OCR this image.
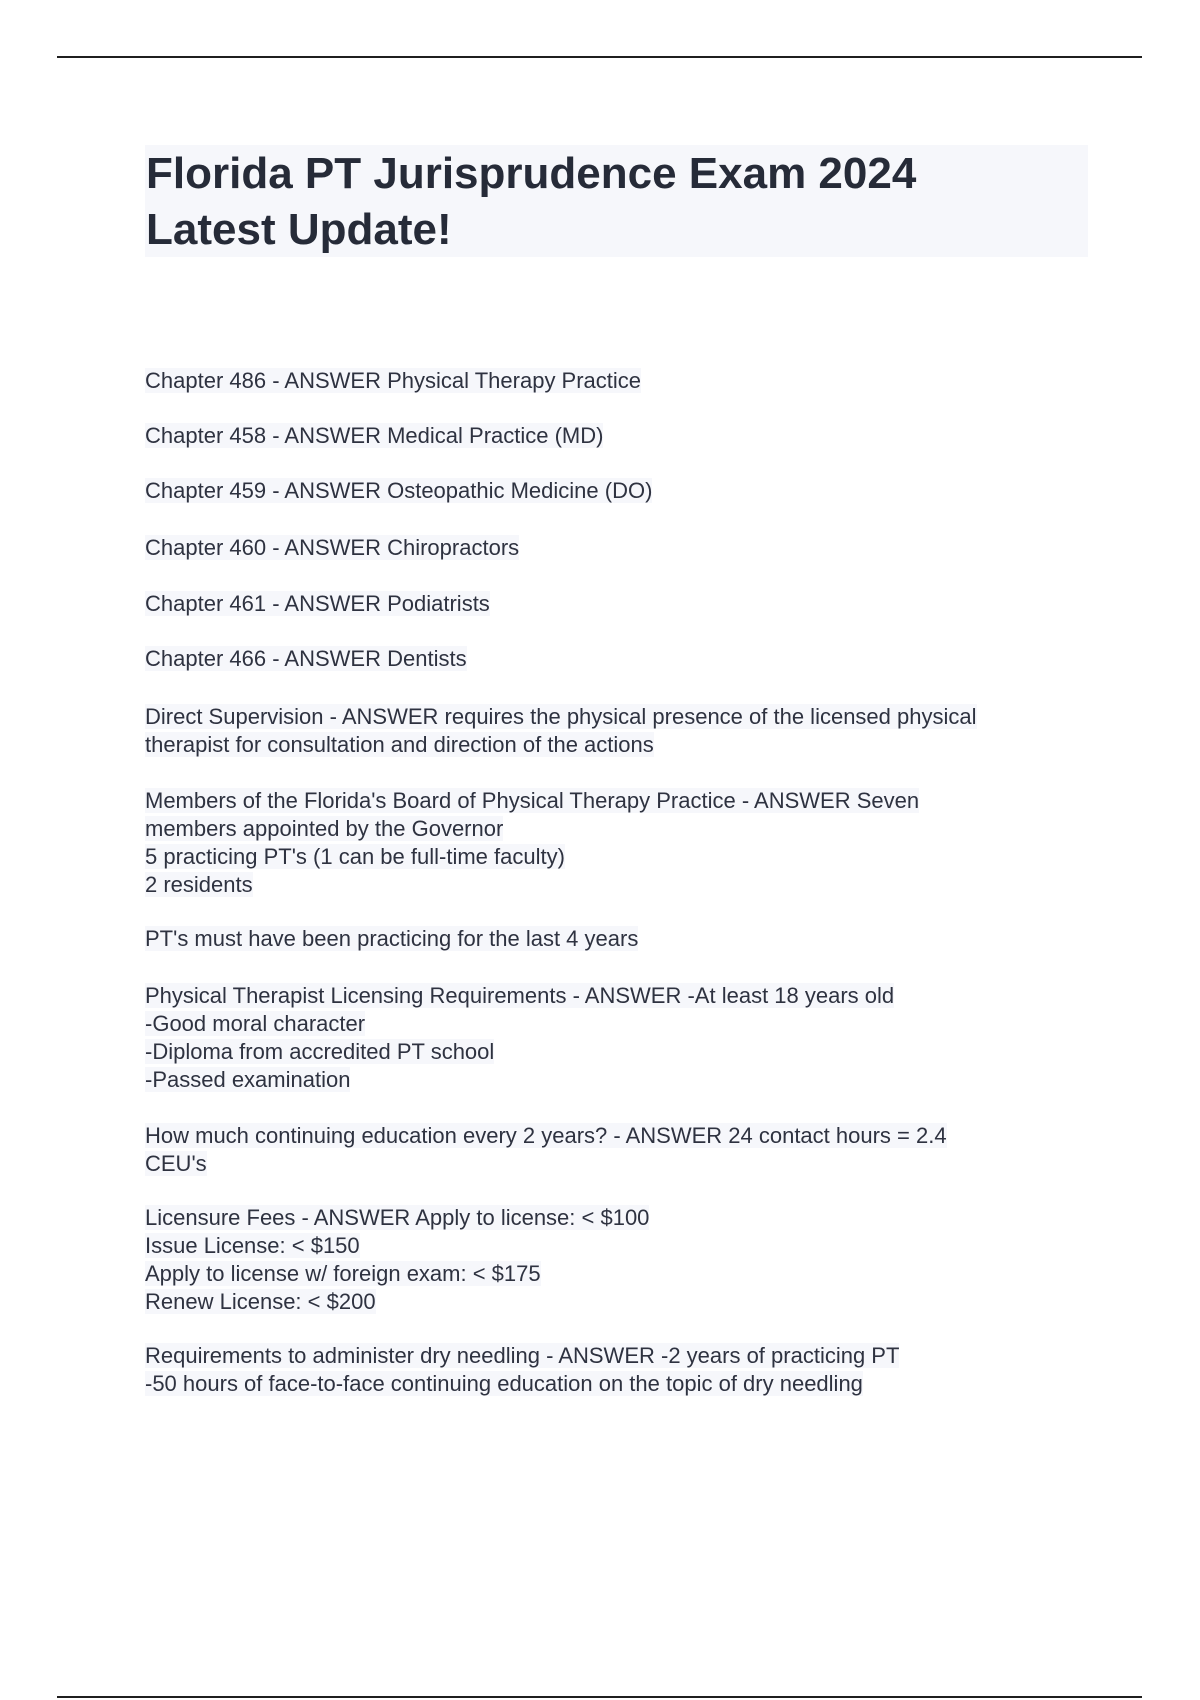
Florida PT Jurisprudence Exam 2024
Latest Update!
Chapter 486 - ANSWER Physical Therapy Practice
Chapter 458 - ANSWER Medical Practice (MD)
Chapter 459 - ANSWER Osteopathic Medicine (DO)
Chapter 460 - ANSWER Chiropractors
Chapter 461 - ANSWER Podiatrists
Chapter 466 - ANSWER Dentists
Direct Supervision - ANSWER requires the physical presence of the licensed physical
therapist for consultation and direction of the actions
Members of the Florida's Board of Physical Therapy Practice - ANSWER Seven
members appointed by the Governor
5 practicing PT's (1 can be full-time faculty)
2 residents
PT's must have been practicing for the last 4 years
Physical Therapist Licensing Requirements - ANSWER -At least 18 years old
-Good moral character
-Diploma from accredited PT school
-Passed examination
How much continuing education every 2 years? - ANSWER 24 contact hours = 2.4
CEU's
Licensure Fees - ANSWER Apply to license: < $100
Issue License: < $150
Apply to license w/ foreign exam: < $175
Renew License: < $200
Requirements to administer dry needling - ANSWER -2 years of practicing PT
-50 hours of face-to-face continuing education on the topic of dry needling
